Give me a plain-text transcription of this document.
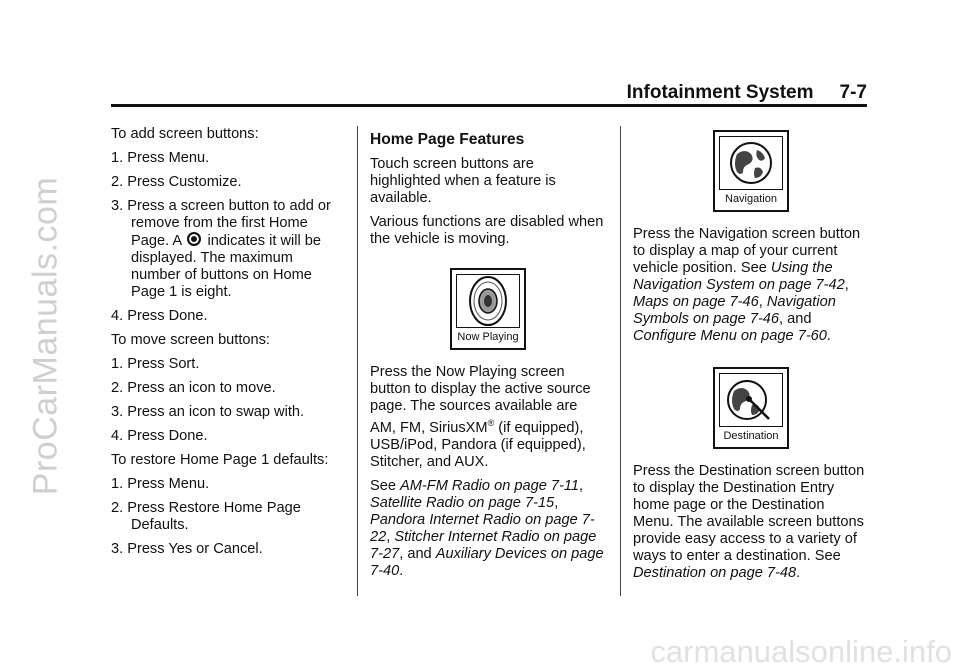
ProCarManuals.com
carmanualsonline.info
Infotainment System 7-7

To add screen buttons:

1. Press Menu.

2. Press Customize.

3. Press a screen button to add or remove from the first Home Page. A indicates it will be displayed. The maximum number of buttons on Home Page 1 is eight.

4. Press Done.

To move screen buttons:

1. Press Sort.

2. Press an icon to move.

3. Press an icon to swap with.

4. Press Done.

To restore Home Page 1 defaults:

1. Press Menu.

2. Press Restore Home Page Defaults.

3. Press Yes or Cancel.

Home Page Features

Touch screen buttons are highlighted when a feature is available.

Various functions are disabled when the vehicle is moving.

Now Playing

Press the Now Playing screen button to display the active source page. The sources available are AM, FM, SiriusXM® (if equipped), USB/iPod, Pandora (if equipped), Stitcher, and AUX.

See AM-FM Radio on page 7-11, Satellite Radio on page 7-15, Pandora Internet Radio on page 7-22, Stitcher Internet Radio on page 7-27, and Auxiliary Devices on page 7-40.

Navigation

Press the Navigation screen button to display a map of your current vehicle position. See Using the Navigation System on page 7-42, Maps on page 7-46, Navigation Symbols on page 7-46, and Configure Menu on page 7-60.

Destination

Press the Destination screen button to display the Destination Entry home page or the Destination Menu. The available screen buttons provide easy access to a variety of ways to enter a destination. See Destination on page 7-48.
